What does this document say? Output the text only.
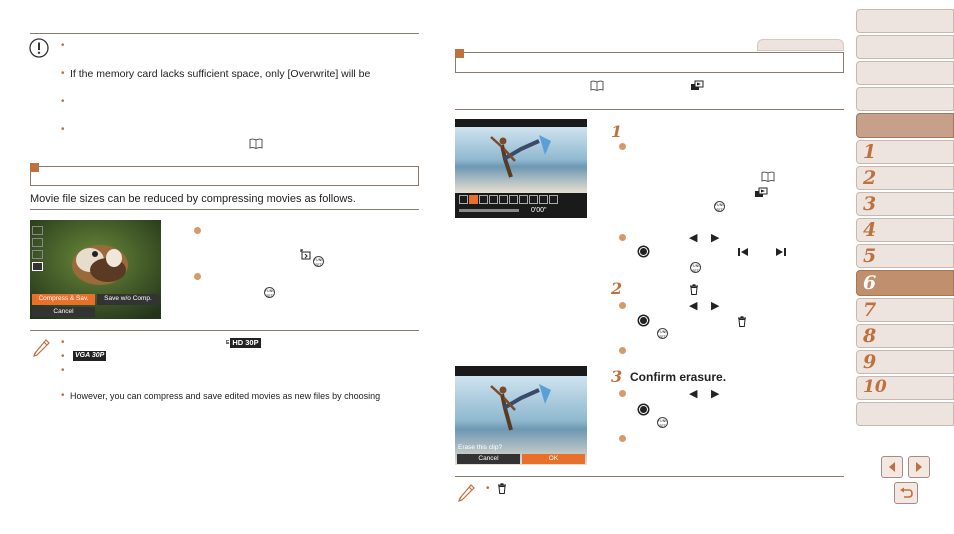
•
• If the memory card lacks sufficient space, only [Overwrite] will be
•
•
Movie file sizes can be reduced by compressing movies as follows.
Compress & Sav.	Save w/o Comp.
Cancel
FUNC
SET
FUNC
SET
•	E HD 30P
• VGA 30P
•
• However, you can compress and save edited movies as new files by choosing
0'00"
1
FUNC
SET
◀ ▶
FUNC
SET
2
◀ ▶
FUNC
SET
Erase this clip?
Cancel	OK
3 Confirm erasure.
◀ ▶
FUNC
SET
•
1
2
3
4
5
6
7
8
9
10
